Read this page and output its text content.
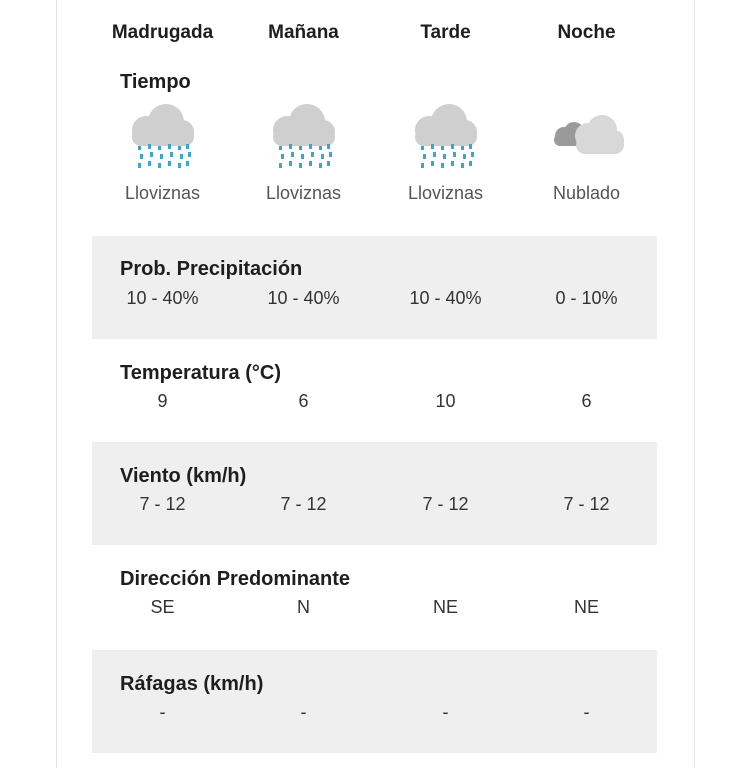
Madrugada	Mañana	Tarde	Noche
Tiempo
Lloviznas	Lloviznas	Lloviznas	Nublado
Prob. Precipitación
10 - 40%	10 - 40%	10 - 40%	0 - 10%
Temperatura (°C)
9	6	10	6
Viento (km/h)
7 - 12	7 - 12	7 - 12	7 - 12
Dirección Predominante
SE	N	NE	NE
Ráfagas (km/h)
-	-	-	-
